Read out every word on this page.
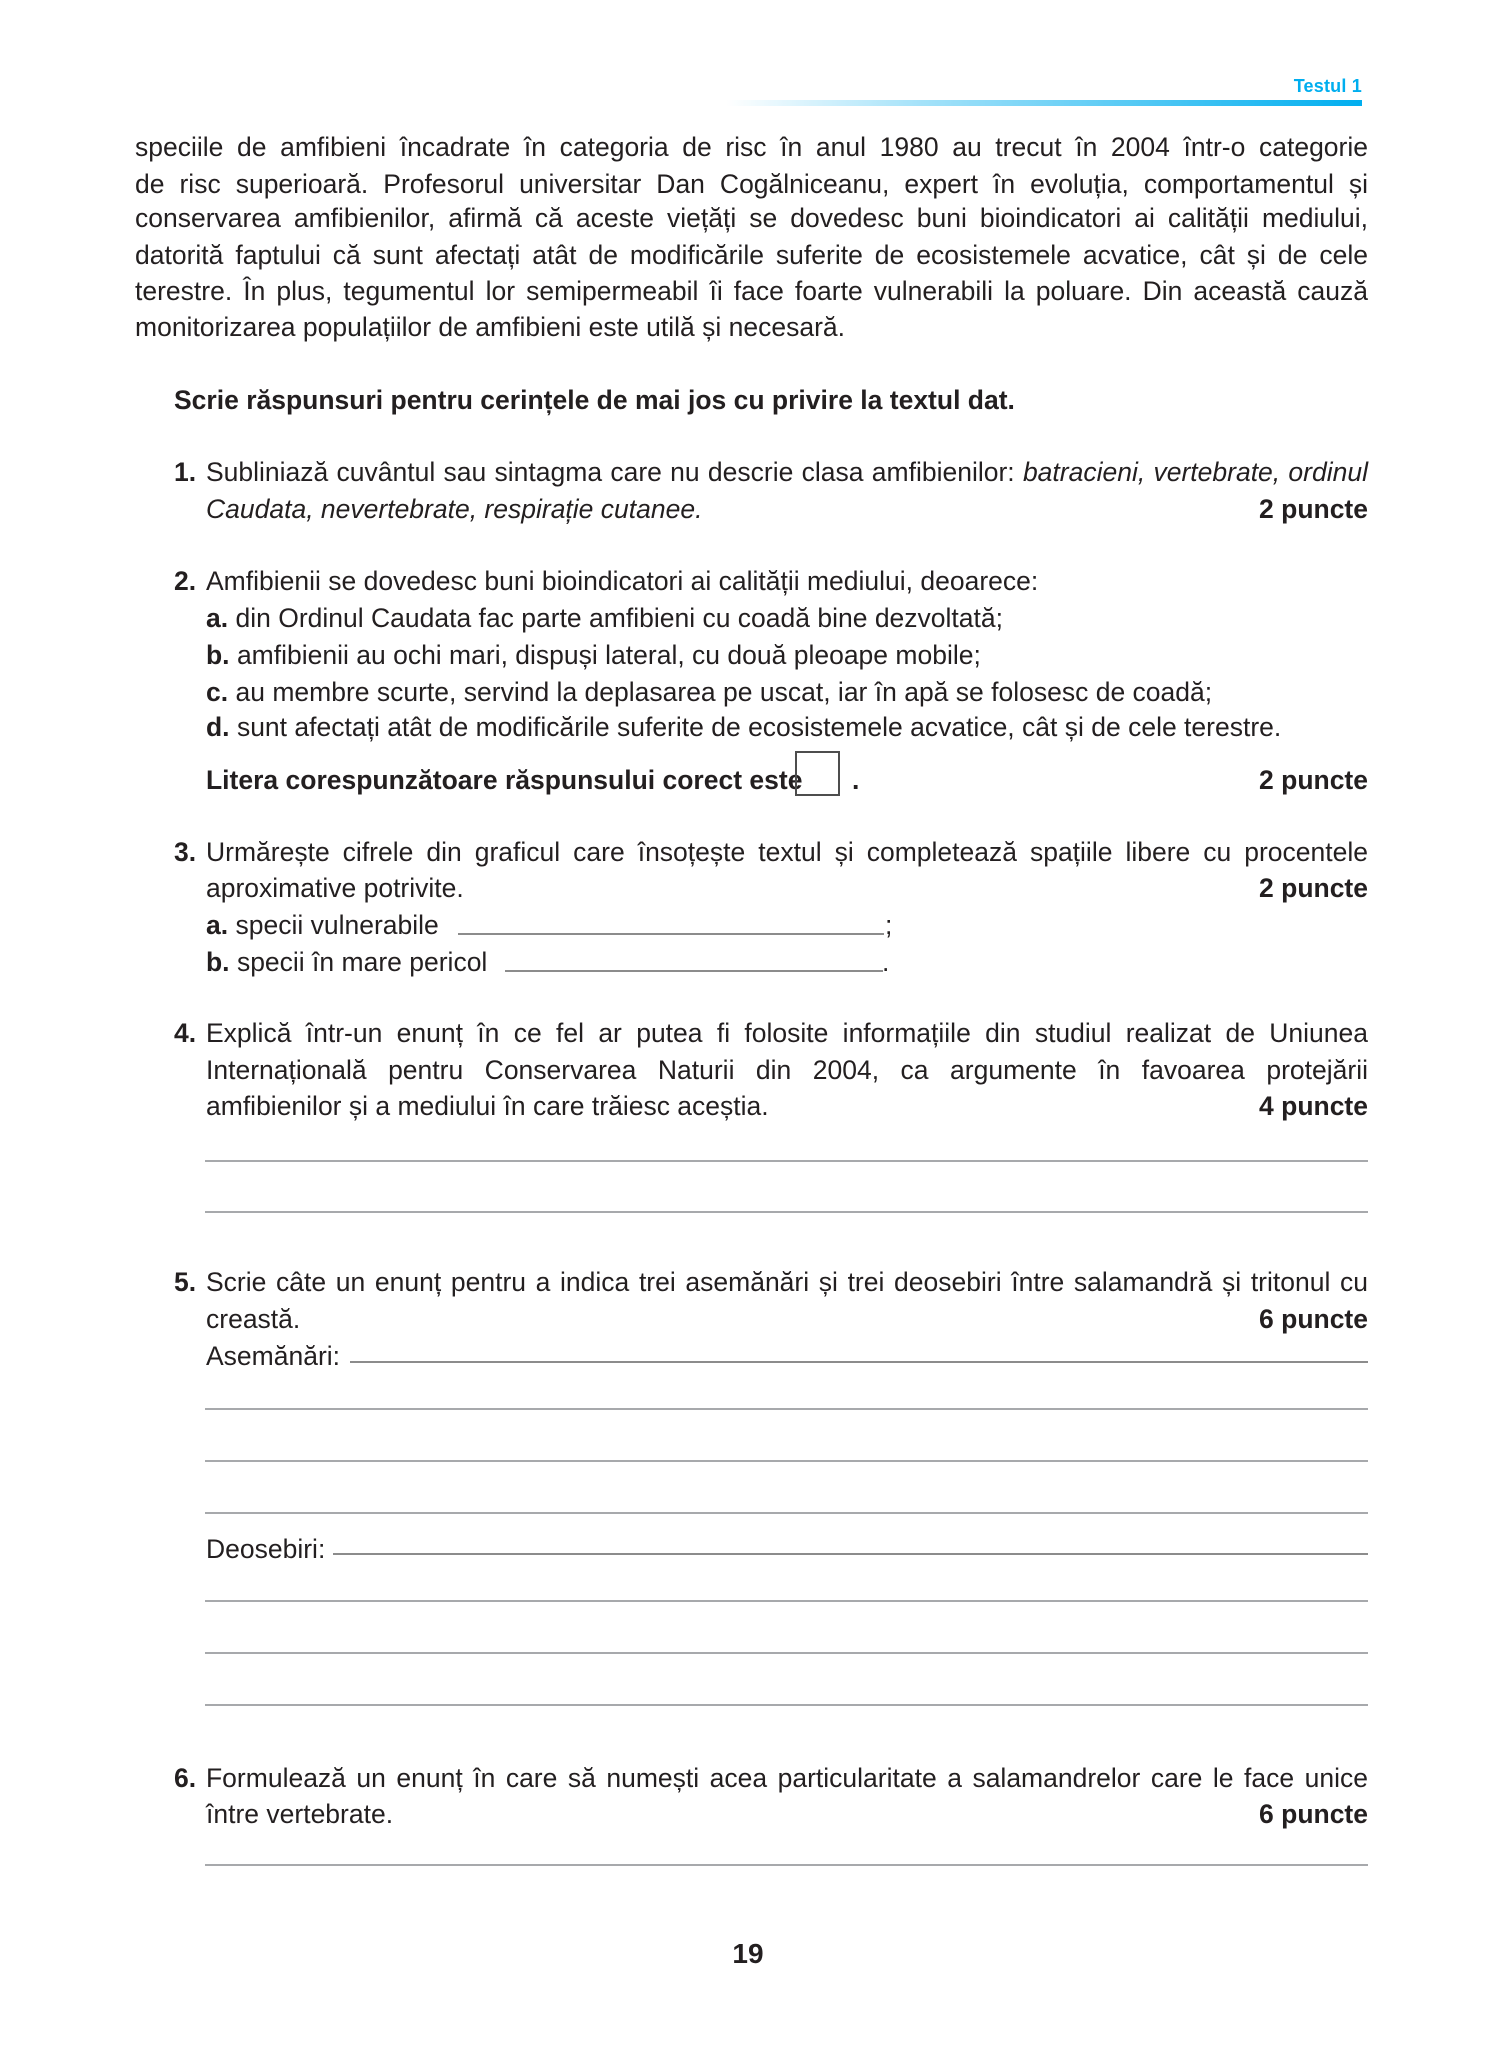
Testul 1
speciile de amfibieni încadrate în categoria de risc în anul 1980 au trecut în 2004 într-o categorie
de risc superioară. Profesorul universitar Dan Cogălniceanu, expert în evoluția, comportamentul și
conservarea amfibienilor, afirmă că aceste viețăți se dovedesc buni bioindicatori ai calității mediului,
datorită faptului că sunt afectați atât de modificările suferite de ecosistemele acvatice, cât și de cele
terestre. În plus, tegumentul lor semipermeabil îi face foarte vulnerabili la poluare. Din această cauză
monitorizarea populațiilor de amfibieni este utilă și necesară.
Scrie răspunsuri pentru cerințele de mai jos cu privire la textul dat.
1. Subliniază cuvântul sau sintagma care nu descrie clasa amfibienilor: batracieni, vertebrate, ordinul
Caudata, nevertebrate, respirație cutanee.	2 puncte
2. Amfibienii se dovedesc buni bioindicatori ai calității mediului, deoarece:
a. din Ordinul Caudata fac parte amfibieni cu coadă bine dezvoltată;
b. amfibienii au ochi mari, dispuși lateral, cu două pleoape mobile;
c. au membre scurte, servind la deplasarea pe uscat, iar în apă se folosesc de coadă;
d. sunt afectați atât de modificările suferite de ecosistemele acvatice, cât și de cele terestre.
Litera corespunzătoare răspunsului corect este .	2 puncte
3. Urmărește cifrele din graficul care însoțește textul și completează spațiile libere cu procentele
aproximative potrivite.	2 puncte
a. specii vulnerabile	;
b. specii în mare pericol	.
4. Explică într-un enunț în ce fel ar putea fi folosite informațiile din studiul realizat de Uniunea
Internațională pentru Conservarea Naturii din 2004, ca argumente în favoarea protejării
amfibienilor și a mediului în care trăiesc aceștia.	4 puncte
5. Scrie câte un enunț pentru a indica trei asemănări și trei deosebiri între salamandră și tritonul cu
creastă.	6 puncte
Asemănări:
Deosebiri:
6. Formulează un enunț în care să numești acea particularitate a salamandrelor care le face unice
între vertebrate.	6 puncte
19
